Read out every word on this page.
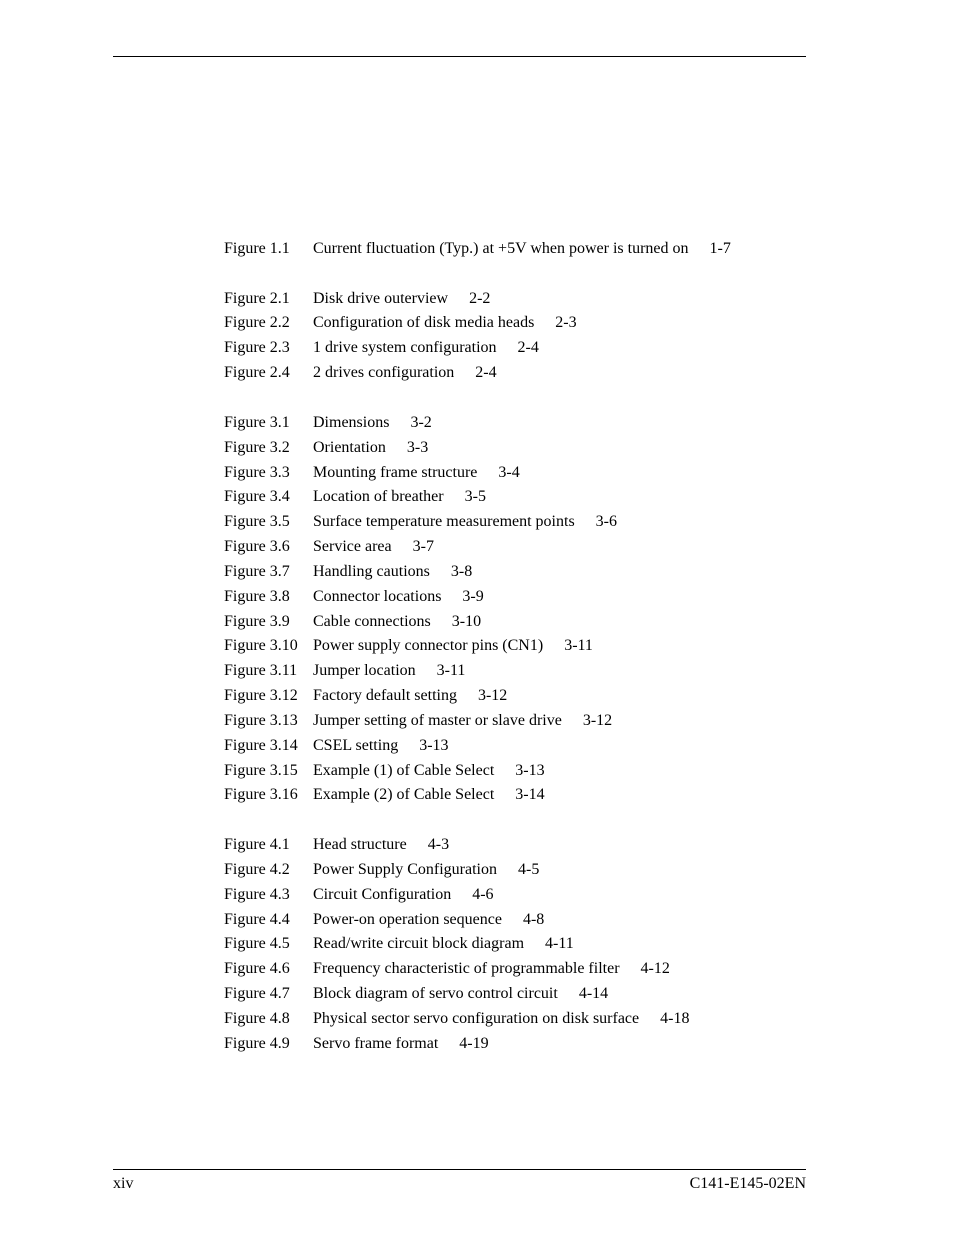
Figure 1.1 Current fluctuation (Typ.) at +5V when power is turned on 1-7
Figure 2.1 Disk drive outerview 2-2
Figure 2.2 Configuration of disk media heads 2-3
Figure 2.3 1 drive system configuration 2-4
Figure 2.4 2 drives configuration 2-4
Figure 3.1 Dimensions 3-2
Figure 3.2 Orientation 3-3
Figure 3.3 Mounting frame structure 3-4
Figure 3.4 Location of breather 3-5
Figure 3.5 Surface temperature measurement points 3-6
Figure 3.6 Service area 3-7
Figure 3.7 Handling cautions 3-8
Figure 3.8 Connector locations 3-9
Figure 3.9 Cable connections 3-10
Figure 3.10 Power supply connector pins (CN1) 3-11
Figure 3.11 Jumper location 3-11
Figure 3.12 Factory default setting 3-12
Figure 3.13 Jumper setting of master or slave drive 3-12
Figure 3.14 CSEL setting 3-13
Figure 3.15 Example (1) of Cable Select 3-13
Figure 3.16 Example (2) of Cable Select 3-14
Figure 4.1 Head structure 4-3
Figure 4.2 Power Supply Configuration 4-5
Figure 4.3 Circuit Configuration 4-6
Figure 4.4 Power-on operation sequence 4-8
Figure 4.5 Read/write circuit block diagram 4-11
Figure 4.6 Frequency characteristic of programmable filter 4-12
Figure 4.7 Block diagram of servo control circuit 4-14
Figure 4.8 Physical sector servo configuration on disk surface 4-18
Figure 4.9 Servo frame format 4-19
xiv	C141-E145-02EN
